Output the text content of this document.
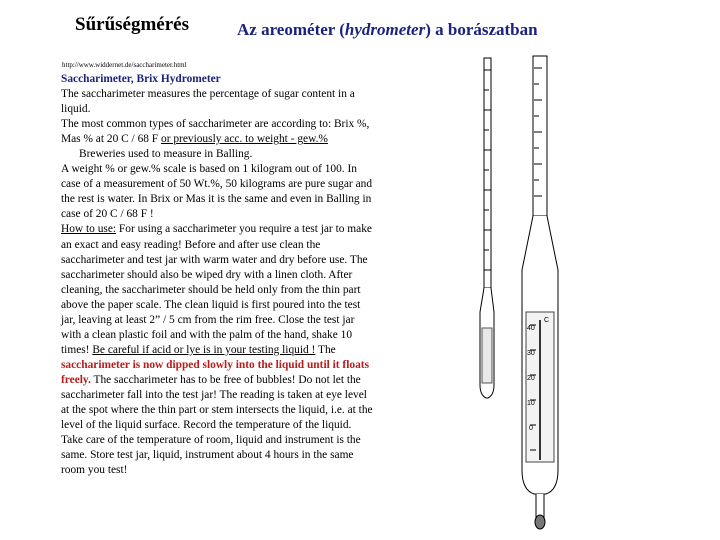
Sűrűségmérés	Az areométer (hydrometer) a borászatban
http://www.widdernet.de/saccharimeter.html

Saccharimeter, Brix Hydrometer

The saccharimeter measures the percentage of sugar content in a liquid.

The most common types of saccharimeter are according to: Brix %, Mas % at 20 C / 68 F or previously acc. to weight - gew.%

Breweries used to measure in Balling.

A weight % or gew.% scale is based on 1 kilogram out of 100. In case of a measurement of 50 Wt.%, 50 kilograms are pure sugar and the rest is water. In Brix or Mas it is the same and even in Balling in case of 20 C / 68 F !

How to use: For using a saccharimeter you require a test jar to make an exact and easy reading! Before and after use clean the saccharimeter and test jar with warm water and dry before use. The saccharimeter should also be wiped dry with a linen cloth. After cleaning, the saccharimeter should be held only from the thin part above the paper scale. The clean liquid is first poured into the test jar, leaving at least 2” / 5 cm from the rim free. Close the test jar with a clean plastic foil and with the palm of the hand, shake 10 times! Be careful if acid or lye is in your testing liquid ! The saccharimeter is now dipped slowly into the liquid until it floats freely. The saccharimeter has to be free of bubbles! Do not let the saccharimeter fall into the test jar! The reading is taken at eye level at the spot where the thin part or stem intersects the liquid, i.e. at the level of the liquid surface. Record the temperature of the liquid. Take care of the temperature of room, liquid and instrument is the same. Store test jar, liquid, instrument about 4 hours in the same room you test!

C
40
30
20
10
0
